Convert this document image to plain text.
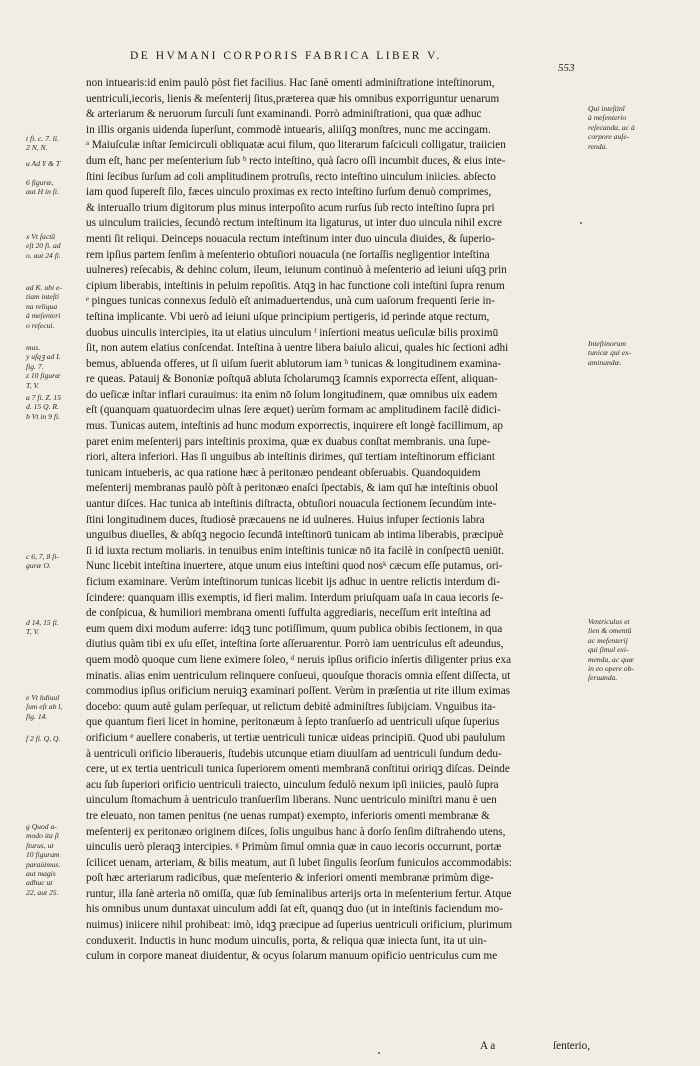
DE HVMANI CORPORIS FABRICA LIBER V.
553
non intuearis:id enim paulò pòst fiet facilius. Hac ſanè omenti adminiſtratione inteſtinorum,
uentriculi,iecoris, lienis & meſenterij ſitus,præterea quæ his omnibus exporriguntur uenarum
& arteriarum & neruorum ſurculi ſunt examinandi. Porrò adminiſtrationi, qua quæ adhuc
in illis organis uidenda ſuperſunt, commodè intuearis, aliiſqꝫ monſtres, nunc me accingam.
ᵃ Maiuſculæ inſtar ſemicirculi obliquatæ acui filum, quo literarum faſciculi colligatur, traiicien
dum eſt, hanc per meſenterium ſub ᵇ recto inteſtino, quà ſacro oſſi incumbit duces, & eius inte-
ſtini ſecibus ſurſum ad coli amplitudinem protruſis, recto inteſtino uinculum iniicies. abſecto
iam quod ſupereſt ſilo, fæces uinculo proximas ex recto inteſtino ſurſum denuò comprimes,
& interuallo trium digitorum plus minus interpoſito acum rurſus ſub recto inteſtino ſupra pri
us uinculum traiicies, ſecundò rectum inteſtinum ita ligaturus, ut inter duo uincula nihil excre
menti ſit reliqui. Deinceps nouacula rectum inteſtinum inter duo uincula diuides, & ſuperio-
rem ipſius partem ſenſim à meſenterio obtuſiori nouacula (ne ſortaſſis negligentior inteſtina
uulneres) reſecabis, & dehinc colum, ileum, ieiunum continuò à meſenterio ad ieiuni uſqꝫ prin
cipium liberabis, inteſtinis in peluim repoſitis. Atqꝫ in hac functione coli inteſtini ſupra renum
ᵉ pingues tunicas connexus ſedulò eſt animaduertendus, unà cum uaſorum frequenti ſerie in-
teſtina implicante. Vbi uerò ad ieiuni uſque principium pertigeris, id perinde atque rectum,
duobus uinculis intercipies, ita ut elatius uinculum ᶠ inſertioni meatus ueſiculæ bilis proximū
ſit, non autem elatius conſcendat. Inteſtina à uentre libera baiulo alicui, quales hic ſectioni adhi
bemus, abluenda offeres, ut ſi uiſum ſuerit ablutorum iam ʰ tunicas & longitudinem examina-
re queas. Patauij & Bononiæ poſtquā abluta ſcholarumqꝫ ſcamnis exporrecta eſſent, aliquan-
do ueſicæ inſtar inflari curauimus: ita enim nō ſolum longitudinem, quæ omnibus uix eadem
eſt (quanquam quatuordecim ulnas ſere æquet) uerùm formam ac amplitudinem facilè didici-
mus. Tunicas autem, inteſtinis ad hunc modum exporrectis, inquirere eſt longè facillimum, ap
paret enim meſenterij pars inteſtinis proxima, quæ ex duabus conſtat membranis. una ſupe-
riori, altera inferiori. Has ſi unguibus ab inteſtinis dirimes, quī tertiam inteſtinorum efficiant
tunicam intueberis, ac qua ratione hæc à peritonæo pendeant obſeruabis. Quandoquidem
meſenterij membranas paulò pòſt à peritonæo enaſci ſpectabis, & iam quī hæ inteſtinis obuol
uantur diſces. Hac tunica ab inteſtinis diſtracta, obtuſiori nouacula ſectionem ſecundùm inte-
ſtini longitudinem duces, ſtudiosè præcauens ne id uulneres. Huius infuper ſectionis labra
unguibus diuelles, & abſqꝫ negocio ſecundā inteſtinorū tunicam ab intima liberabis, præcipuè
ſi id iuxta rectum moliaris. in tenuibus enim inteſtinis tunicæ nō ita facilè in conſpectū ueniūt.
Nunc licebit inteſtina inuertere, atque unum eius inteſtini quod nosᵏ cæcum eſſe putamus, ori-
ficium examinare. Verùm inteſtinorum tunicas licebit ijs adhuc in uentre relictis interdum di-
ſcindere: quanquam illis exemptis, id fieri malim. Interdum priuſquam uaſa in caua iecoris ſe-
de conſpicua, & humiliori membrana omenti ſuffulta aggrediaris, neceſſum erit inteſtina ad
eum quem dixi modum auferre: idqꝫ tunc potiſſimum, quum publica obibis ſectionem, in qua
diutius quàm tibi ex uſu eſſet, inteſtina ſorte aſſeruarentur. Porrò iam uentriculus eſt adeundus,
quem modò quoque cum liene eximere ſoleo, ᵈ neruis ipſius orificio inſertis diligenter prius exa
minatis. alias enim uentriculum relinquere conſueui, quouſque thoracis omnia eſſent diſſecta, ut
commodius ipſius orificium neruiqꝫ examinari poſſent. Verùm in præſentia ut rite illum eximas
docebo: quum autè gulam perſequar, ut relictum debitè adminiſtres ſubijciam. Vnguibus ita-
que quantum fieri licet in homine, peritonæum à ſepto tranſuerſo ad uentriculi uſque ſuperius
orificium ᵉ auellere conaberis, ut tertiæ uentriculi tunicæ uideas principiū. Quod ubi paululum
à uentriculi orificio liberaueris, ſtudebis utcunque etiam diuulſam ad uentriculi ſundum dedu-
cere, ut ex tertia uentriculi tunica ſuperiorem omenti membranā conſtitui oririqꝫ diſcas. Deinde
acu ſub ſuperiori orificio uentriculi traiecto, uinculum ſedulò nexum ipſi iniicies, paulò ſupra
uinculum ſtomachum à uentriculo tranſuerſim liberans. Nunc uentriculo miniſtri manu è uen
tre eleuato, non tamen penitus (ne uenas rumpat) exempto, inferioris omenti membranæ &
meſenterij ex peritonæo originem diſces, ſolis unguibus hanc à dorſo ſenſim diſtrahendo utens,
uinculis uerò pleraqꝫ intercipies. ᵍ Primùm ſimul omnia quæ in cauo iecoris occurrunt, portæ
ſcilicet uenam, arteriam, & bilis meatum, aut ſi lubet ſingulis ſeorſum funiculos accommodabis:
poſt hæc arteriarum radicibus, quæ meſenterio & inferiori omenti membranæ primùm dige-
runtur, illa ſanè arteria nō omiſſa, quæ ſub ſeminalibus arterijs orta in meſenterium fertur. Atque
his omnibus unum duntaxat uinculum addi ſat eſt, quanqꝫ duo (ut in inteſtinis faciendum mo-
nuimus) iniicere nihil prohibeat: imò, idqꝫ præcipue ad ſuperius uentriculi orificium, plurimum
conduxerit. Inductis in hunc modum uinculis, porta, & reliqua quæ iniecta ſunt, ita ut uin-
culum in corpore maneat diuidentur, & ocyus ſolarum manuum opificio uentriculus cum me
t fi. c. 7. li.
2 N, N.
u Ad Y & T
6 figuræ,
aut H in fi.
x Vt ſactū
eſt 20 fi. ad
o. aut 24 fi.
ad K. ubi e-
tiam inteſti
na reliqua
à meſenteri
o reſecui.
mus.
y uſqꝫ ad L
fig. 7.
z 10 figuræ
T, V.
a 7 fi. Z. 15
d. 15 Q. R.
b Vt in 9 fi.
c 6, 7, 8 fi-
guræ O.
d 14, 15 fi.
T, V.
e Vt hdiuul
ſum eſt ab l,
fig. 14.
f 2 fi. Q, Q.
g Quod a-
modo ita ſi
ſturus, ut
10 figuram
paraùimus.
aut magis
adhuc ut
22, aut 25.
Qui inteſtinī
à meſenterio
reſecanda, ac à
corpore auſe-
renda.
Inteſtinorum
tunicæ qui ex-
aminandæ.
Ventriculus et
lien & omentū
ac meſenterij
qui ſimul exi-
menda, ac quæ
in eo opere ob-
ſeruanda.
A a	ſenterio,
